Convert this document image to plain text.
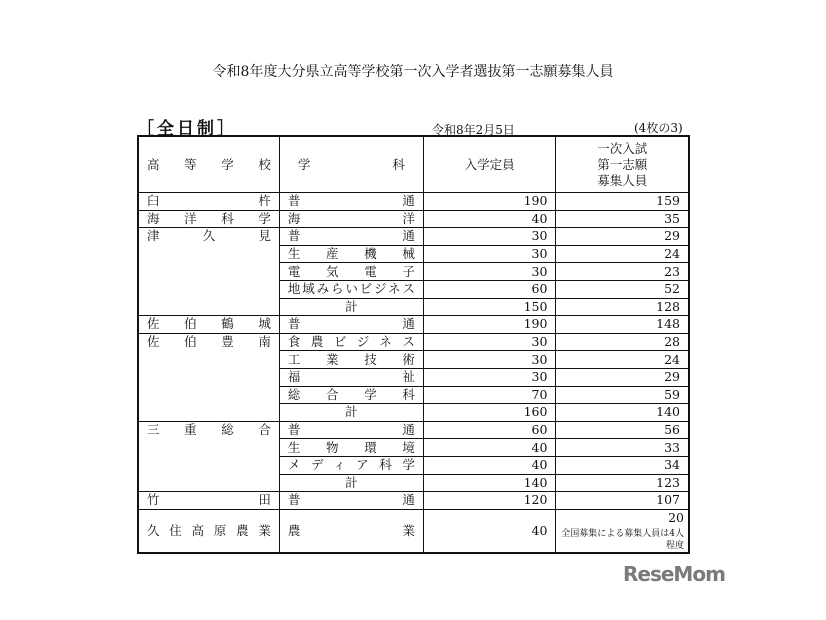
令和8年度大分県立高等学校第一次入学者選抜第一志願募集人員
［全日制］	令和8年2月5日	(4枚の3)
高等学校	学科	入学定員	一次入試
第一志願
募集人員

臼杵	普通	190	159

海洋科学	海洋	40	35

津久見	普通	30	29

	生産機械	30	24

	電気電子	30	23

	地域みらいビジネス	60	52
	計	150	128

佐伯鶴城	普通	190	148

佐伯豊南	食農ビジネス	30	28

	工業技術	30	24

	福祉	30	29

	総合学科	70	59
	計	160	140

三重総合	普通	60	56

	生物環境	40	33

	メディア科学	40	34
	計	140	123

竹田	普通	120	107

久住高原農業	農業	40	20
全国募集による募集人員は4人程度
ReseMom
